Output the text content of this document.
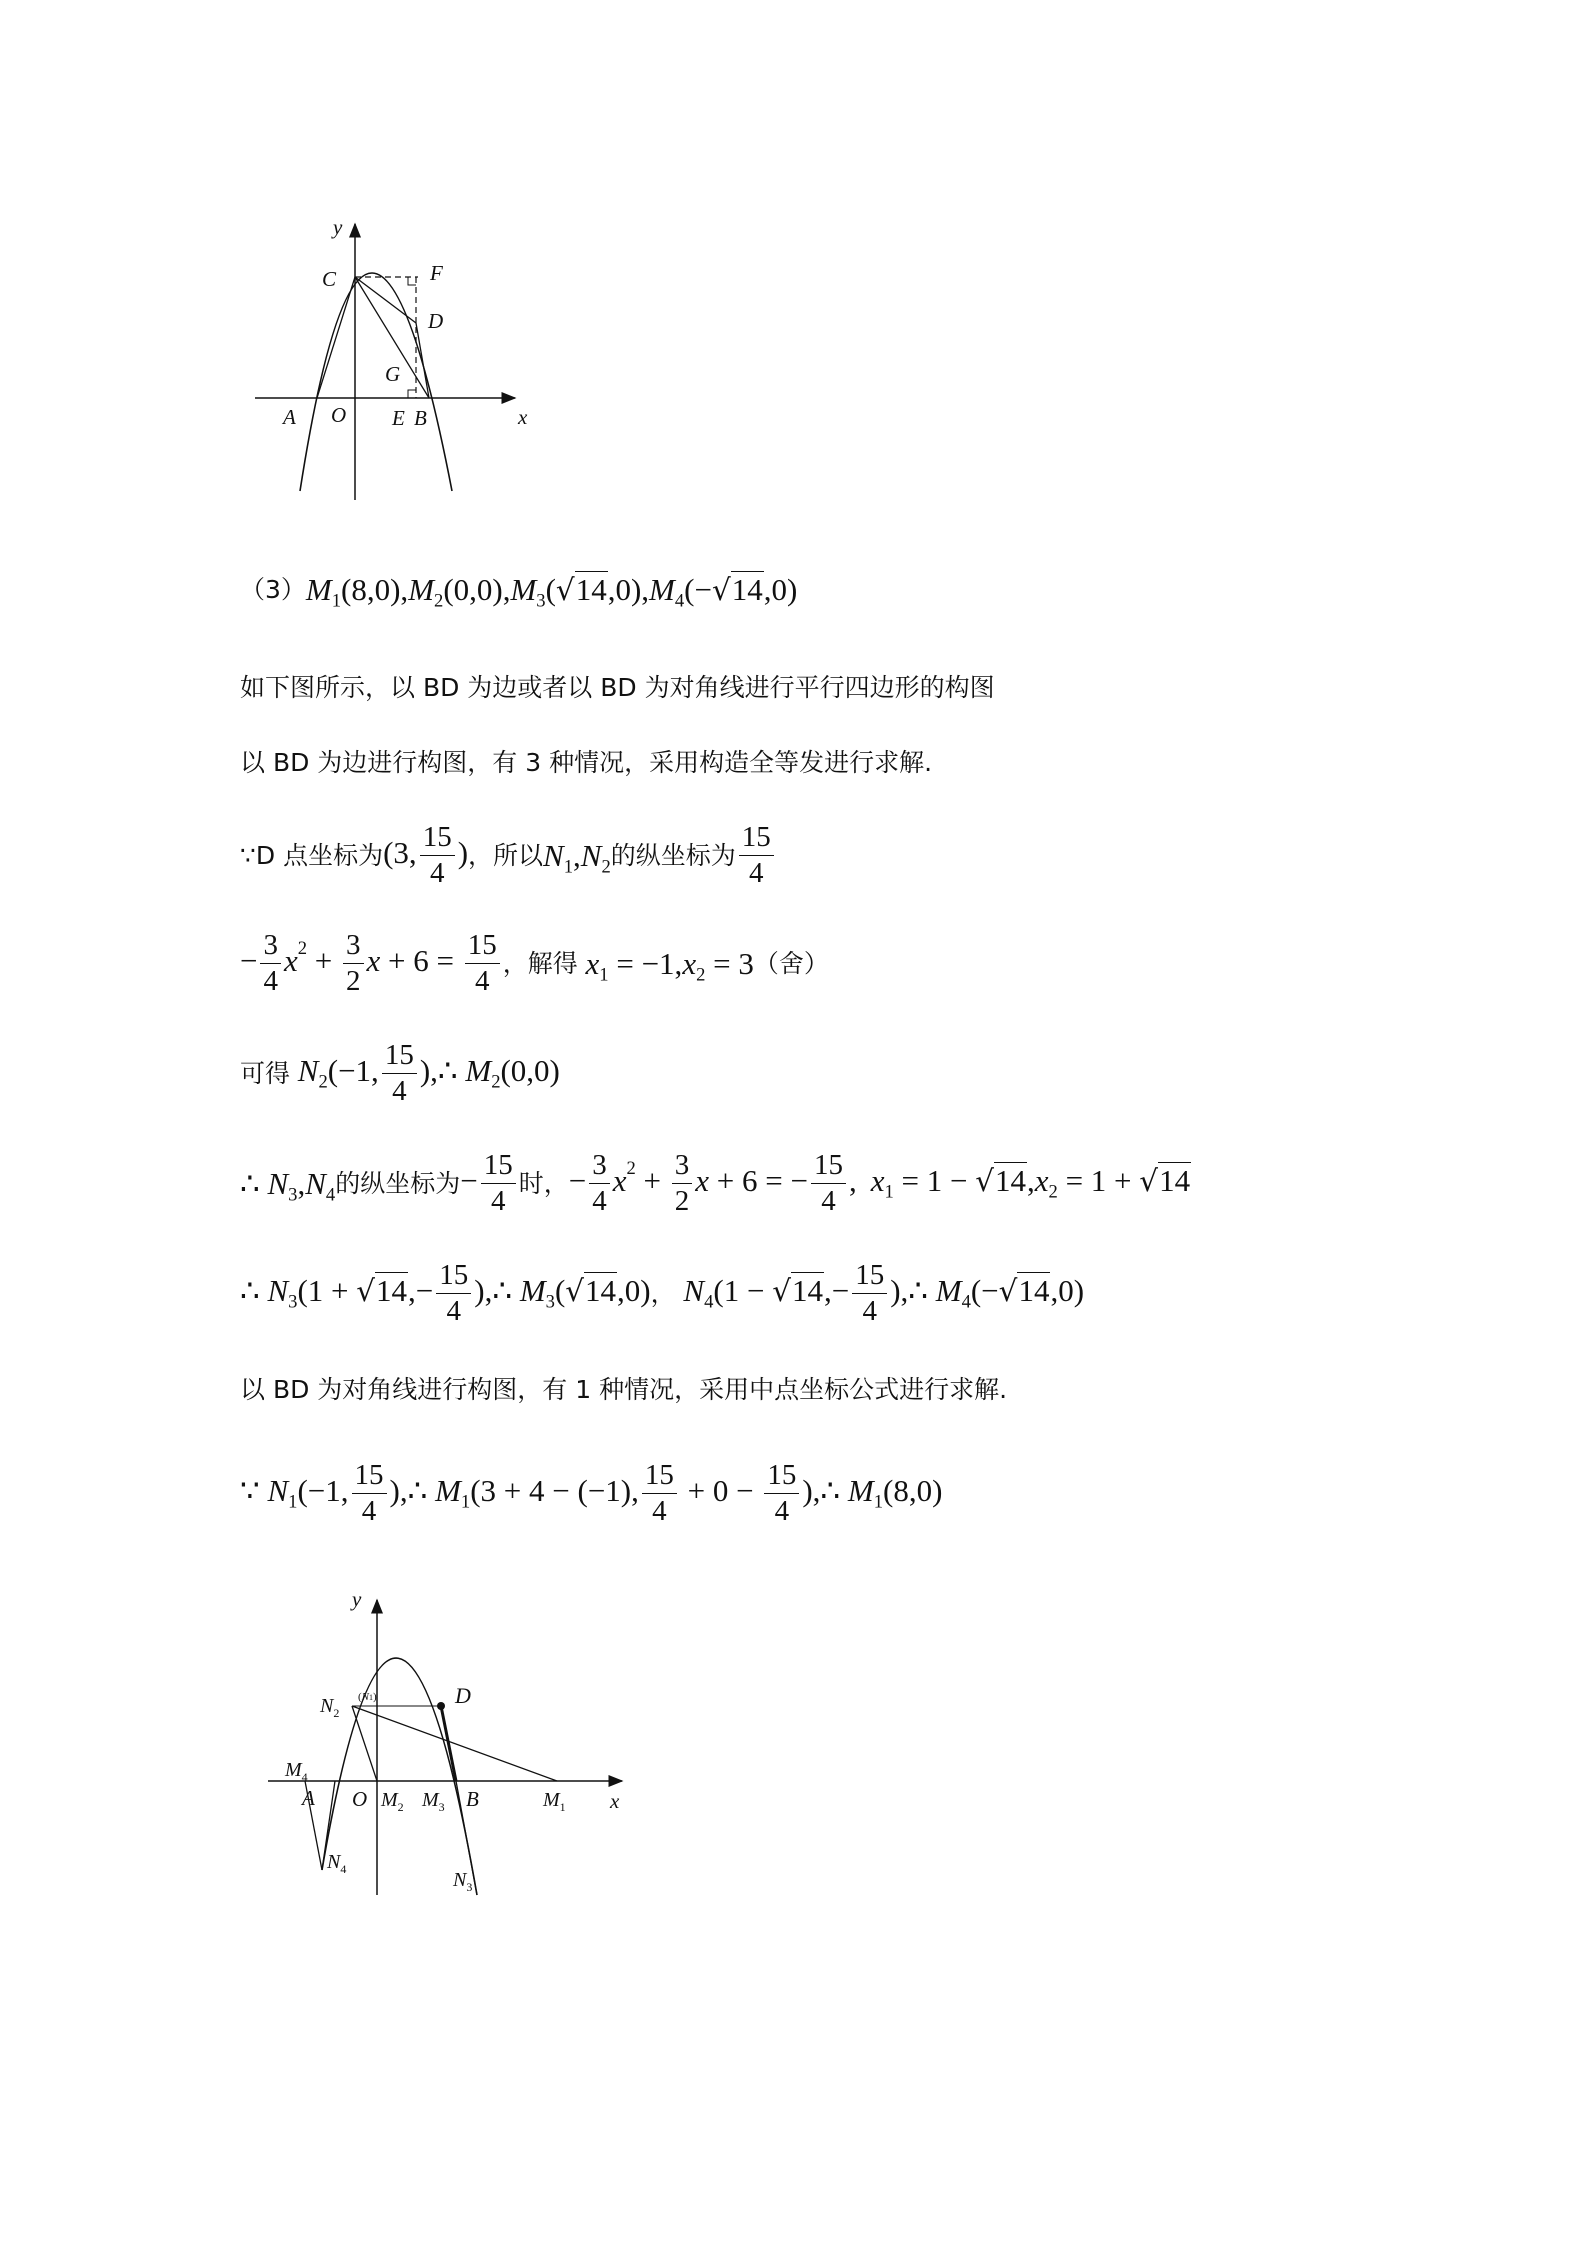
y
x
C	F
D
G
A O E B
（3） $M_1(8,0),M_2(0,0),M_3(√14,0),M_4(-√14,0)$
如下图所示，以 BD 为边或者以 BD 为对角线进行平行四边形的构图
以 BD 为边进行构图，有 3 种情况，采用构造全等发进行求解.
∵D 点坐标为 (3, $\frac{15}{4}$ ) ，所以 $N_1,N_2$ 的纵坐标为 $\frac{15}{4}$
− $\frac{3}{4} x^2 + \frac{3}{2}$ $x + 6 = \frac{15}{4}$ ，解得 $x_1 = -1,x_2 = 3$ （舍）
可得 $N_2(-1$, $\frac{15}{4}$ ),∴ $M_2(0,0)$
∴ $N_3,N_4$ 的纵坐标为 − $\frac{15}{4}$ 时， − $\frac{3}{4} x^2 + \frac{3}{2}$ x + 6 = − $\frac{15}{4}$ , $x_1 = 1 - √14,x_2 = 1 + √14$
∴ $N_3(1 + √14,- \frac{15}{4}$ ),∴ $M_3(√14,0)$ ， $N_4(1 - √14,- \frac{15}{4}$ ),∴ $M_4(-√14,0)$
以 BD 为对角线进行构图，有 1 种情况，采用中点坐标公式进行求解.
∵ $N_1(-1$, $\frac{15}{4}$ ),∴ $M_1(3 + 4 - (-1)$, $\frac{15}{4} + 0 - \frac{15}{4}$ ),∴ $M_1(8,0)$
y
x
D
$N_2$
(N1)
$M_4$
A O $M_2$ $M_3$ B	$M_1$
$N_4$	$N_3$
